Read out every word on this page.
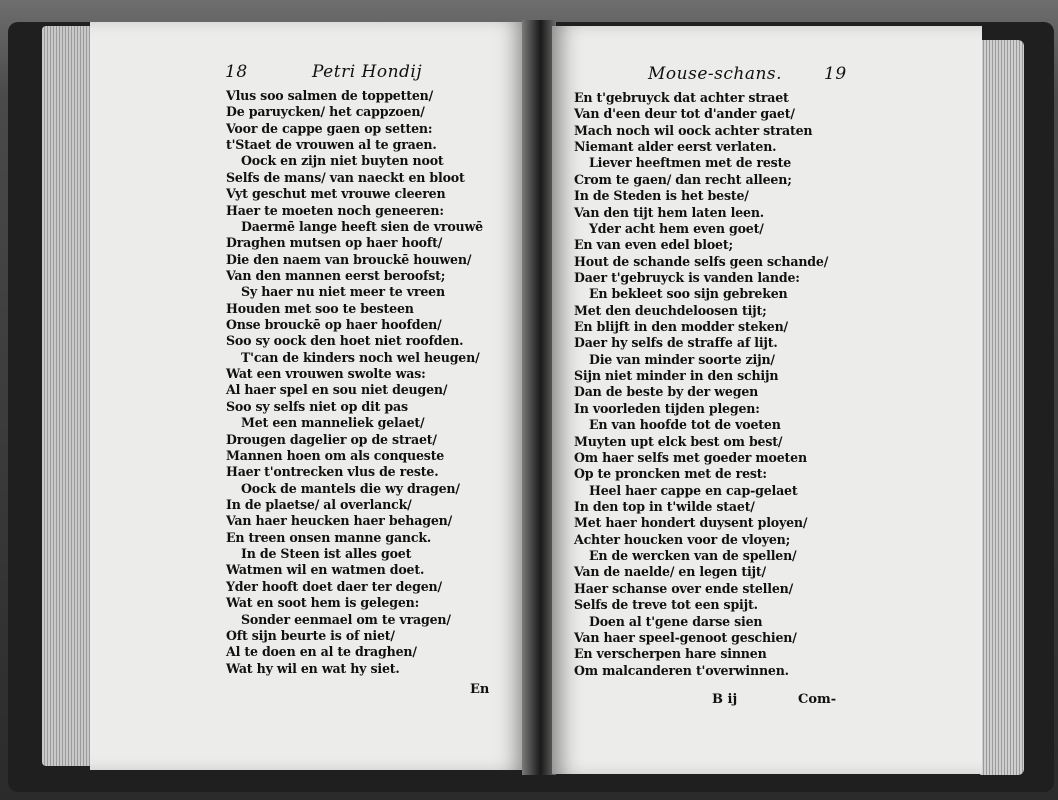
18	Petri Hondij
Vlus soo salmen de toppetten/
De paruycken/ het cappzoen/
Voor de cappe gaen op setten:
t'Staet de vrouwen al te graen.
Oock en zijn niet buyten noot
Selfs de mans/ van naeckt en bloot
Vyt geschut met vrouwe cleeren
Haer te moeten noch geneeren:
Daermē lange heeft sien de vrouwē
Draghen mutsen op haer hooft/
Die den naem van brouckē houwen/
Van den mannen eerst beroofst;
Sy haer nu niet meer te vreen
Houden met soo te besteen
Onse brouckē op haer hoofden/
Soo sy oock den hoet niet roofden.
T'can de kinders noch wel heugen/
Wat een vrouwen swolte was:
Al haer spel en sou niet deugen/
Soo sy selfs niet op dit pas
Met een manneliek gelaet/
Drougen dagelier op de straet/
Mannen hoen om als conqueste
Haer t'ontrecken vlus de reste.
Oock de mantels die wy dragen/
In de plaetse/ al overlanck/
Van haer heucken haer behagen/
En treen onsen manne ganck.
In de Steen ist alles goet
Watmen wil en watmen doet.
Yder hooft doet daer ter degen/
Wat en soot hem is gelegen:
Sonder eenmael om te vragen/
Oft sijn beurte is of niet/
Al te doen en al te draghen/
Wat hy wil en wat hy siet.
En
Mouse-schans. 19
En t'gebruyck dat achter straet
Van d'een deur tot d'ander gaet/
Mach noch wil oock achter straten
Niemant alder eerst verlaten.
Liever heeftmen met de reste
Crom te gaen/ dan recht alleen;
In de Steden is het beste/
Van den tijt hem laten leen.
Yder acht hem even goet/
En van even edel bloet;
Hout de schande selfs geen schande/
Daer t'gebruyck is vanden lande:
En bekleet soo sijn gebreken
Met den deuchdeloosen tijt;
En blijft in den modder steken/
Daer hy selfs de straffe af lijt.
Die van minder soorte zijn/
Sijn niet minder in den schijn
Dan de beste by der wegen
In voorleden tijden plegen:
En van hoofde tot de voeten
Muyten upt elck best om best/
Om haer selfs met goeder moeten
Op te proncken met de rest:
Heel haer cappe en cap-gelaet
In den top in t'wilde staet/
Met haer hondert duysent ployen/
Achter houcken voor de vloyen;
En de wercken van de spellen/
Van de naelde/ en legen tijt/
Haer schanse over ende stellen/
Selfs de treve tot een spijt.
Doen al t'gene darse sien
Van haer speel-genoot geschien/
En verscherpen hare sinnen
Om malcanderen t'overwinnen.
B ij	Com-
